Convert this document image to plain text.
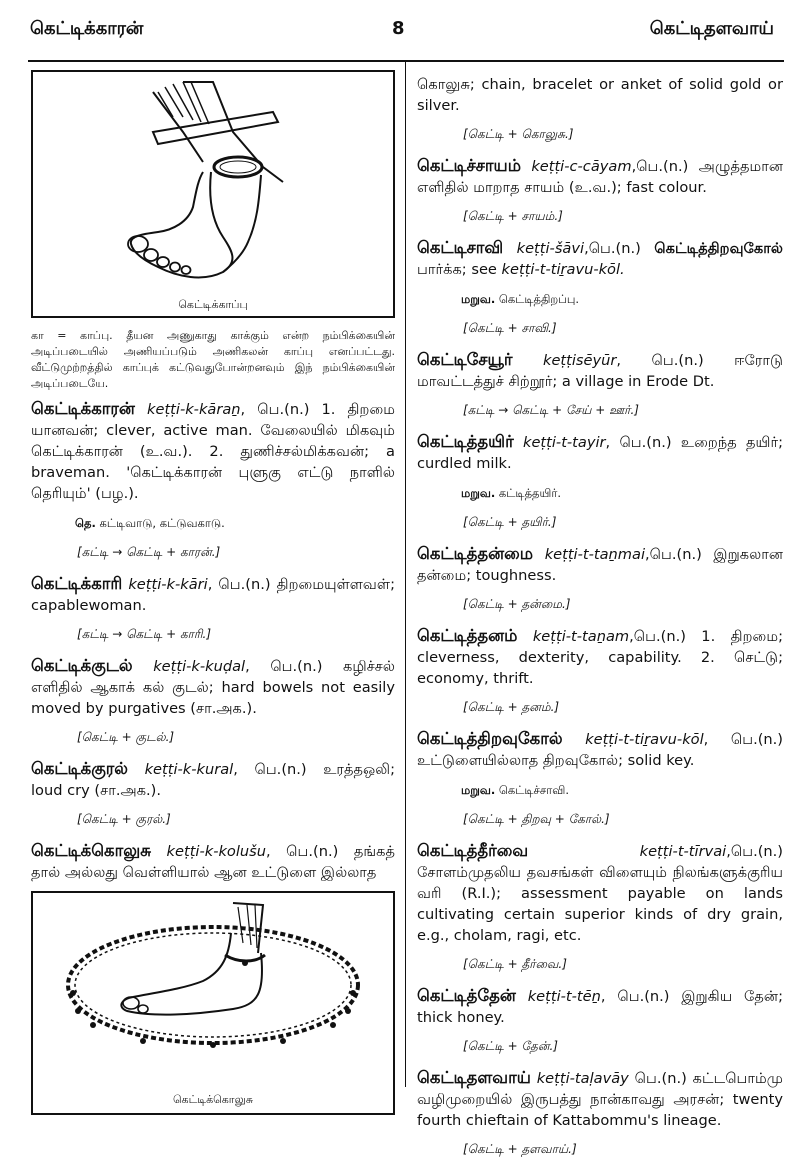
கெட்டிக்காரன்	8	கெட்டிதளவாய்
கெட்டிக்காப்பு
கா = காப்பு. தீயன அணுகாது காக்கும் என்ற நம்பிக்கையின் அடிப்படையில் அணியப்படும் அணிகலன் காப்பு எனப்பட்டது. வீட்டுமுற்றத்தில் காப்புக் கட்டுவதுபோன்றனவும் இந் நம்பிக்கையின் அடிப்படையே.
கெட்டிக்காரன் keṭṭi-k-kāraṉ, பெ.(n.) 1. திறமை யானவன்; clever, active man. வேலையில் மிகவும் கெட்டிக்காரன் (உ.வ.). 2. துணிச்சல்மிக்கவன்; a braveman. 'கெட்டிக்காரன் புளுகு எட்டு நாளில் தெரியும்' (பழ.).
தெ. கட்டிவாடு, கட்டுவகாடு.
[கட்டி → கெட்டி + காரன்.]
கெட்டிக்காரி keṭṭi-k-kāri, பெ.(n.) திறமையுள்ளவள்; capablewoman.
[கட்டி → கெட்டி + காரி.]
கெட்டிக்குடல் keṭṭi-k-kuḍal, பெ.(n.) கழிச்சல் எளிதில் ஆகாக் கல் குடல்; hard bowels not easily moved by purgatives (சா.அக.).
[கெட்டி + குடல்.]
கெட்டிக்குரல் keṭṭi-k-kural, பெ.(n.) உரத்தஒலி; loud cry (சா.அக.).
[கெட்டி + குரல்.]
கெட்டிக்கொலுசு keṭṭi-k-kolušu, பெ.(n.) தங்கத் தால் அல்லது வெள்ளியால் ஆன உட்டுளை இல்லாத
கெட்டிக்கொலுசு
கொலுசு; chain, bracelet or anket of solid gold or silver.
[கெட்டி + கொலுசு.]
கெட்டிச்சாயம் keṭṭi-c-cāyam,பெ.(n.) அழுத்தமான எளிதில் மாறாத சாயம் (உ.வ.); fast colour.
[கெட்டி + சாயம்.]
கெட்டிசாவி keṭṭi-šāvi,பெ.(n.) கெட்டித்திறவுகோல் பார்க்க; see keṭṭi-t-tiṟavu-kōl.
மறுவ. கெட்டித்திறப்பு.
[கெட்டி + சாவி.]
கெட்டிசேயூர் keṭṭisēyūr, பெ.(n.) ஈரோடு மாவட்டத்துச் சிற்றூர்; a village in Erode Dt.
[கட்டி → கெட்டி + சேய் + ஊர்.]
கெட்டித்தயிர் keṭṭi-t-tayir, பெ.(n.) உறைந்த தயிர்; curdled milk.
மறுவ. கட்டித்தயிர்.
[கெட்டி + தயிர்.]
கெட்டித்தன்மை keṭṭi-t-taṉmai,பெ.(n.) இறுகலான தன்மை; toughness.
[கெட்டி + தன்மை.]
கெட்டித்தனம் keṭṭi-t-taṉam,பெ.(n.) 1. திறமை; cleverness, dexterity, capability. 2. செட்டு; economy, thrift.
[கெட்டி + தனம்.]
கெட்டித்திறவுகோல் keṭṭi-t-tiṟavu-kōl, பெ.(n.) உட்டுளையில்லாத திறவுகோல்; solid key.
மறுவ. கெட்டிச்சாவி.
[கெட்டி + திறவு + கோல்.]
கெட்டித்தீர்வை	keṭṭi-t-tīrvai,பெ.(n.) சோளம்முதலிய தவசங்கள் விளையும் நிலங்களுக்குரிய வரி (R.I.); assessment payable on lands cultivating certain superior kinds of dry grain, e.g., cholam, ragi, etc.
[கெட்டி + தீர்வை.]
கெட்டித்தேன் keṭṭi-t-tēṉ, பெ.(n.) இறுகிய தேன்; thick honey.
[கெட்டி + தேன்.]
கெட்டிதளவாய் keṭṭi-taḷavāy பெ.(n.) கட்டபொம்மு வழிமுறையில் இருபத்து நான்காவது அரசன்; twenty fourth chieftain of Kattabommu's lineage.
[கெட்டி + தளவாய்.]
